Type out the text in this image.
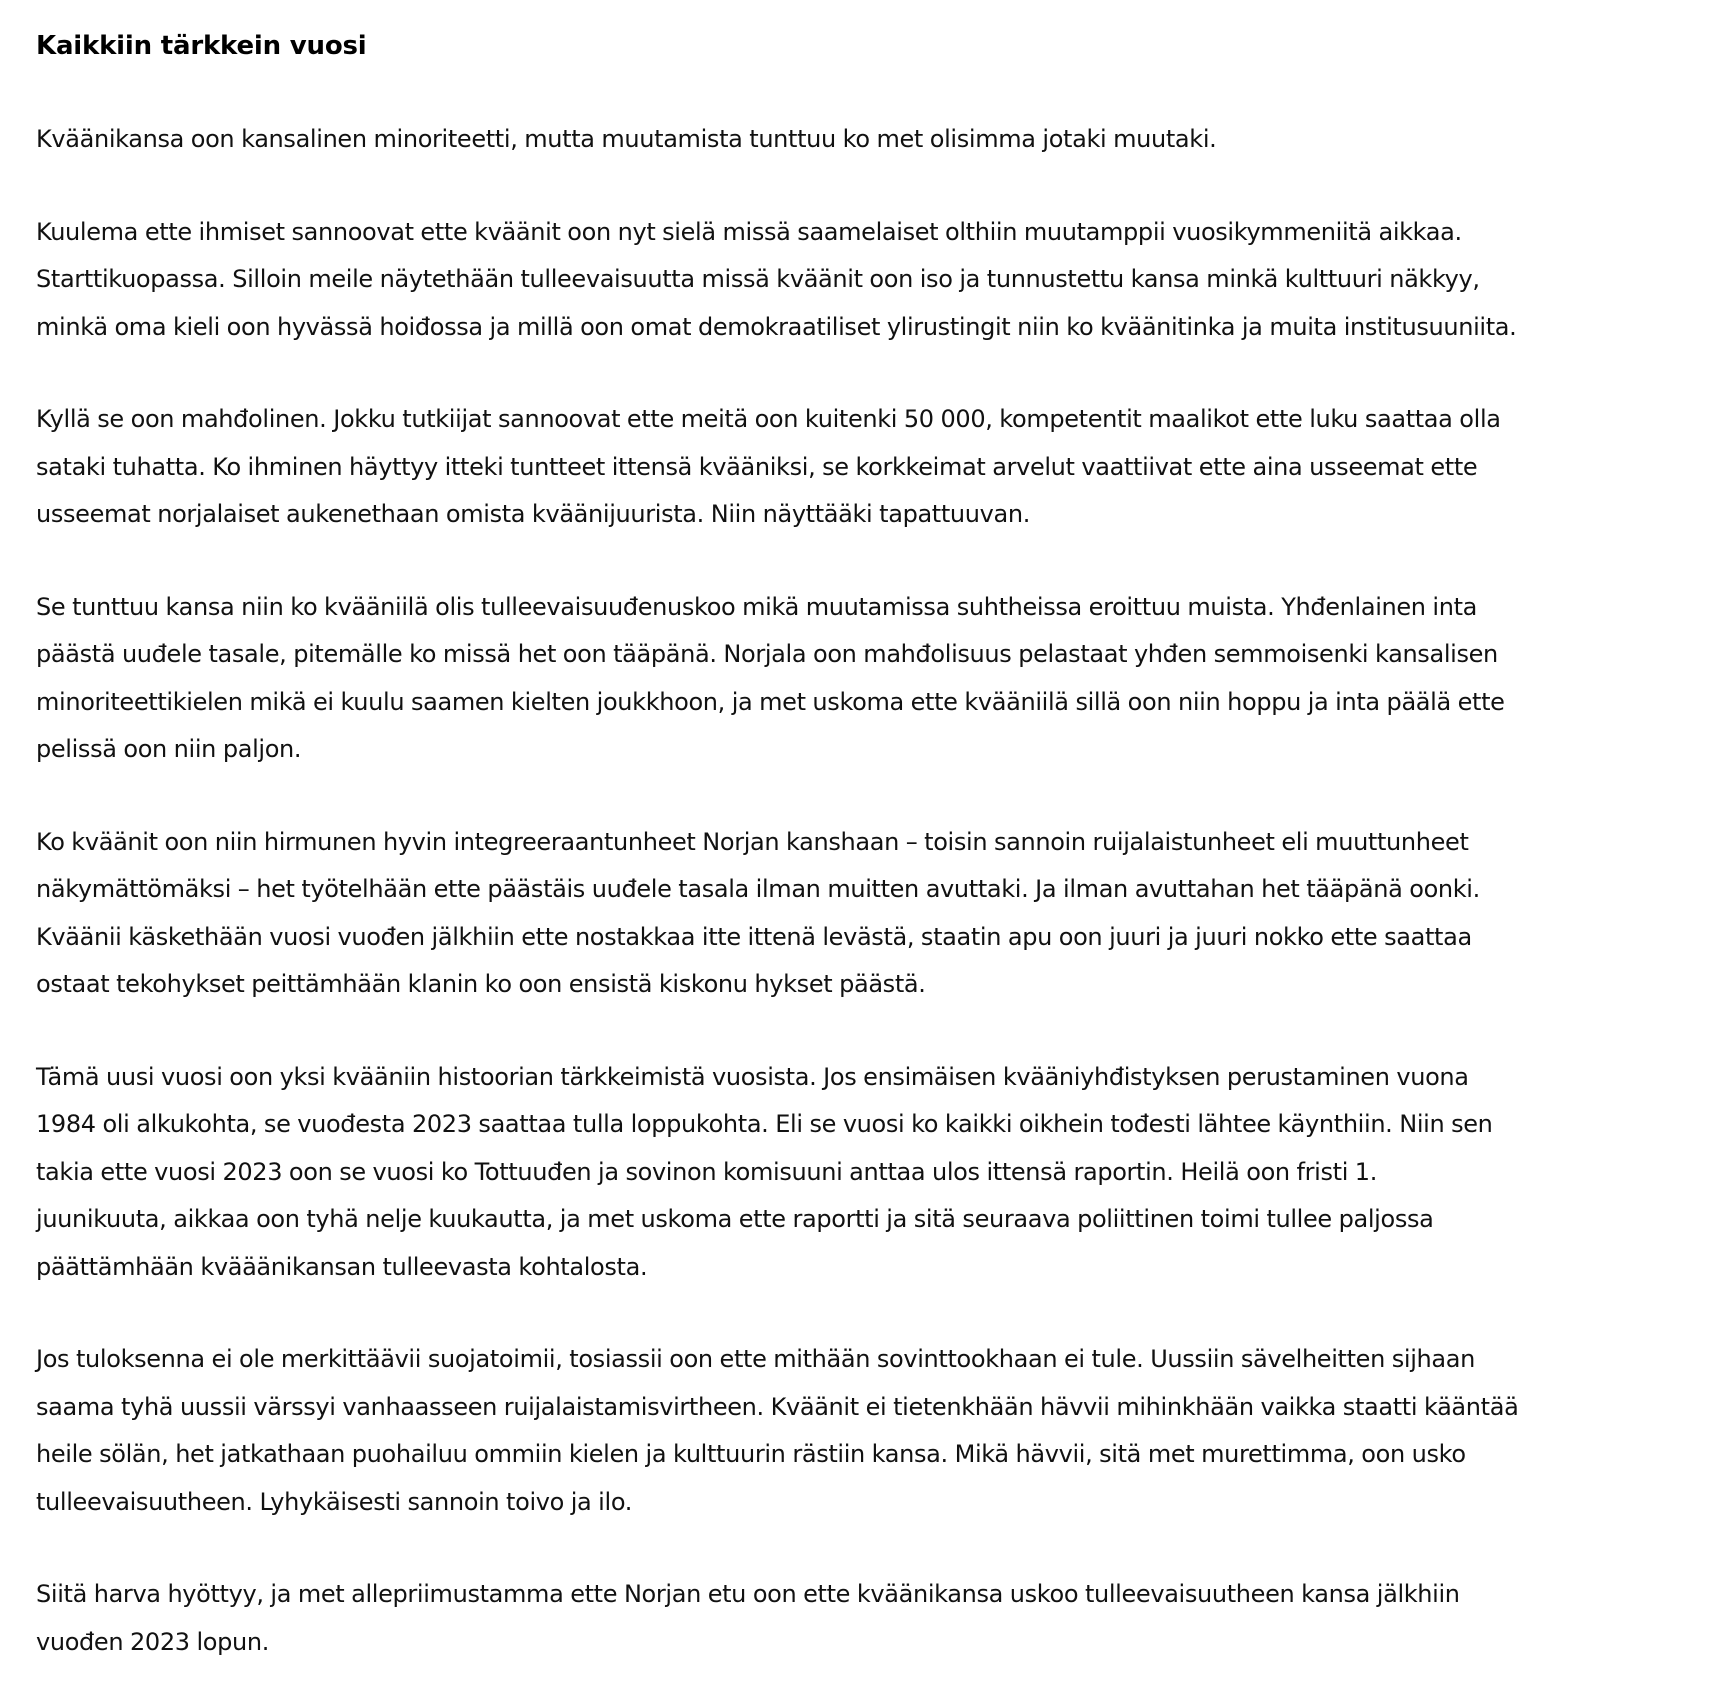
Kaikkiin tärkkein vuosi

Kväänikansa oon kansalinen minoriteetti, mutta muutamista tunttuu ko met olisimma jotaki muutaki.

Kuulema ette ihmiset sannoovat ette kväänit oon nyt sielä missä saamelaiset olthiin muutamppii vuosikymmeniitä aikkaa.
Starttikuopassa. Silloin meile näytethään tulleevaisuutta missä kväänit oon iso ja tunnustettu kansa minkä kulttuuri näkkyy,
minkä oma kieli oon hyvässä hoiđossa ja millä oon omat demokraatiliset ylirustingit niin ko kväänitinka ja muita institusuuniita.

Kyllä se oon mahđolinen. Jokku tutkiijat sannoovat ette meitä oon kuitenki 50 000, kompetentit maalikot ette luku saattaa olla
sataki tuhatta. Ko ihminen häyttyy itteki tuntteet ittensä kvääniksi, se korkkeimat arvelut vaattiivat ette aina usseemat ette
usseemat norjalaiset aukenethaan omista kväänijuurista. Niin näyttääki tapattuuvan.

Se tunttuu kansa niin ko kvääniilä olis tulleevaisuuđenuskoo mikä muutamissa suhtheissa eroittuu muista. Yhđenlainen inta
päästä uuđele tasale, pitemälle ko missä het oon tääpänä. Norjala oon mahđolisuus pelastaat yhđen semmoisenki kansalisen
minoriteettikielen mikä ei kuulu saamen kielten joukkhoon, ja met uskoma ette kvääniilä sillä oon niin hoppu ja inta päälä ette
pelissä oon niin paljon.

Ko kväänit oon niin hirmunen hyvin integreeraantunheet Norjan kanshaan – toisin sannoin ruijalaistunheet eli muuttunheet
näkymättömäksi – het työtelhään ette päästäis uuđele tasala ilman muitten avuttaki. Ja ilman avuttahan het tääpänä oonki.
Kväänii käskethään vuosi vuođen jälkhiin ette nostakkaa itte ittenä levästä, staatin apu oon juuri ja juuri nokko ette saattaa
ostaat tekohykset peittämhään klanin ko oon ensistä kiskonu hykset päästä.

Tämä uusi vuosi oon yksi kvääniin histoorian tärkkeimistä vuosista. Jos ensimäisen kvääniyhđistyksen perustaminen vuona
1984 oli alkukohta, se vuođesta 2023 saattaa tulla loppukohta. Eli se vuosi ko kaikki oikhein tođesti lähtee käynthiin. Niin sen
takia ette vuosi 2023 oon se vuosi ko Tottuuđen ja sovinon komisuuni anttaa ulos ittensä raportin. Heilä oon fristi 1.
juunikuuta, aikkaa oon tyhä nelje kuukautta, ja met uskoma ette raportti ja sitä seuraava poliittinen toimi tullee paljossa
päättämhään kvääänikansan tulleevasta kohtalosta.

Jos tuloksenna ei ole merkittäävii suojatoimii, tosiassii oon ette mithään sovinttookhaan ei tule. Uussiin sävelheitten sijhaan
saama tyhä uussii värssyi vanhaasseen ruijalaistamisvirtheen. Kväänit ei tietenkhään hävvii mihinkhään vaikka staatti kääntää
heile sölän, het jatkathaan puohailuu ommiin kielen ja kulttuurin rästiin kansa. Mikä hävvii, sitä met murettimma, oon usko
tulleevaisuutheen. Lyhykäisesti sannoin toivo ja ilo.

Siitä harva hyöttyy, ja met allepriimustamma ette Norjan etu oon ette kväänikansa uskoo tulleevaisuutheen kansa jälkhiin
vuođen 2023 lopun.
